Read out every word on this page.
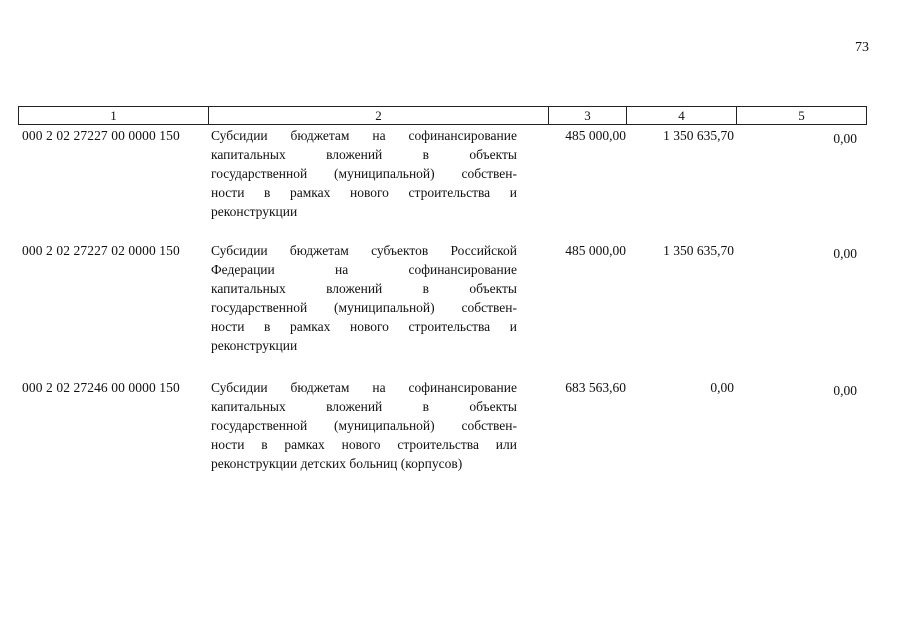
73
1	2	3	4	5
000 2 02 27227 00 0000 150 Субсидии бюджетам на софинансирование
капитальных вложений в объекты
государственной (муниципальной) собствен-
ности в рамках нового строительства и
реконструкции
485 000,00	1 350 635,70	0,00
000 2 02 27227 02 0000 150 Субсидии бюджетам субъектов Российской
Федерации на софинансирование
капитальных вложений в объекты
государственной (муниципальной) собствен-
ности в рамках нового строительства и
реконструкции
485 000,00	1 350 635,70	0,00
000 2 02 27246 00 0000 150 Субсидии бюджетам на софинансирование
капитальных вложений в объекты
государственной (муниципальной) собствен-
ности в рамках нового строительства или
реконструкции детских больниц (корпусов)
683 563,60	0,00	0,00
